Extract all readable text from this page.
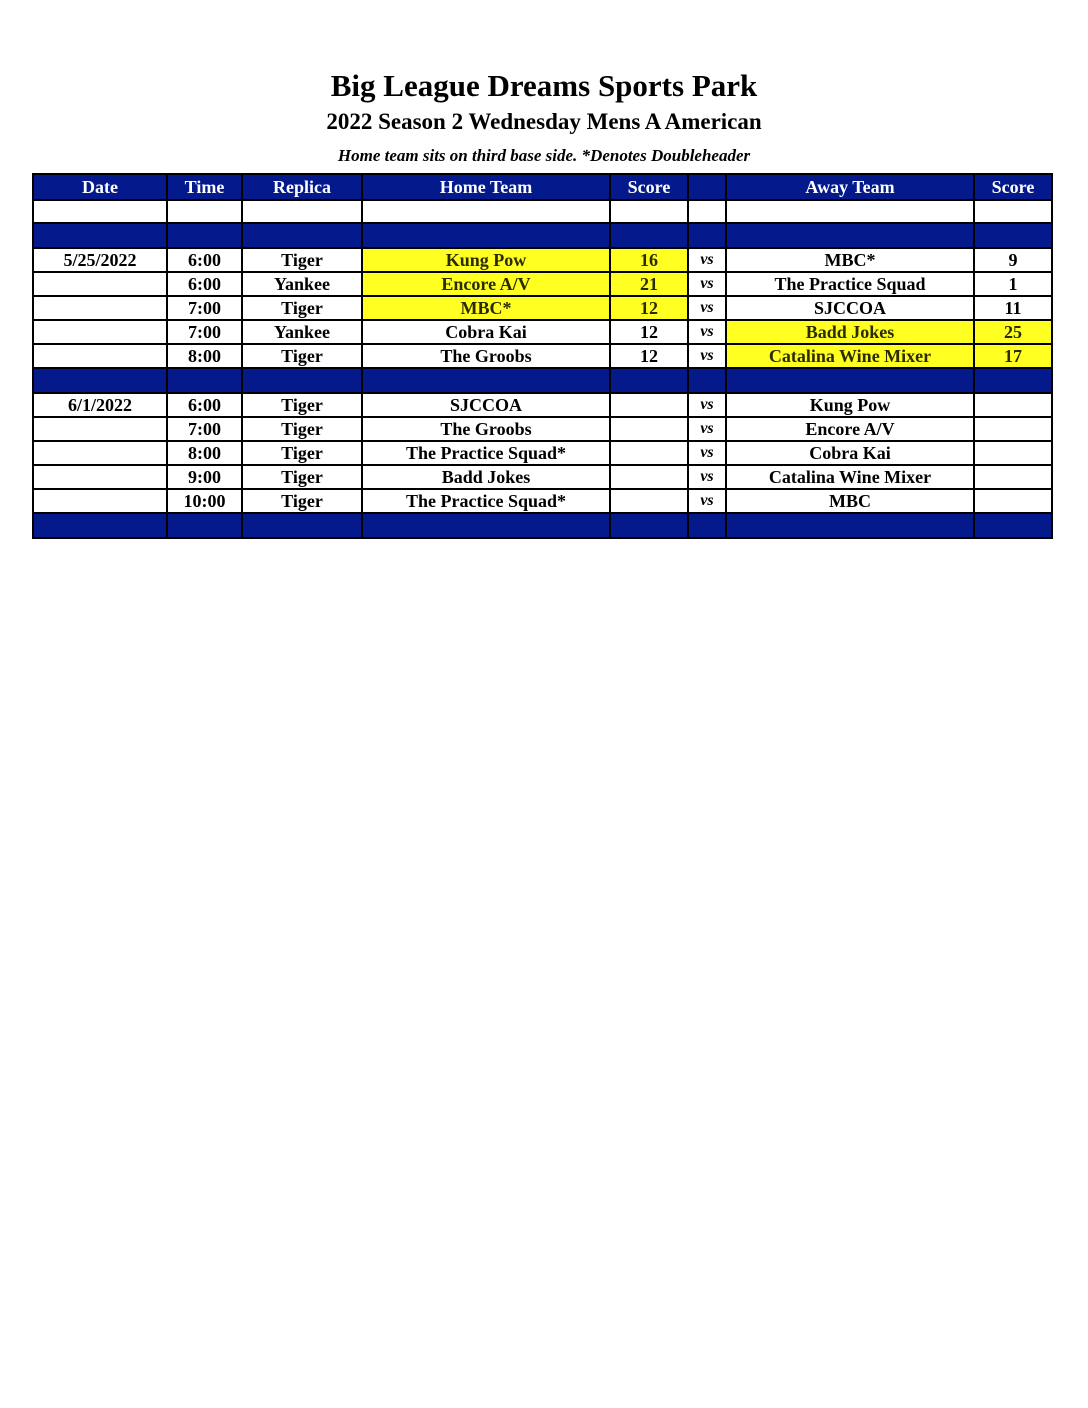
Big League Dreams Sports Park
2022 Season 2 Wednesday Mens A American
Home team sits on third base side. *Denotes Doubleheader
Date	Time	Replica	Home Team	Score		Away Team	Score

5/25/2022	6:00	Tiger	Kung Pow	16	vs	MBC*	9
	6:00	Yankee	Encore A/V	21	vs	The Practice Squad	1
	7:00	Tiger	MBC*	12	vs	SJCCOA	11
	7:00	Yankee	Cobra Kai	12	vs	Badd Jokes	25
	8:00	Tiger	The Groobs	12	vs	Catalina Wine Mixer	17

6/1/2022	6:00	Tiger	SJCCOA		vs	Kung Pow	
	7:00	Tiger	The Groobs		vs	Encore A/V	
	8:00	Tiger	The Practice Squad*		vs	Cobra Kai	
	9:00	Tiger	Badd Jokes		vs	Catalina Wine Mixer	
	10:00	Tiger	The Practice Squad*		vs	MBC	
